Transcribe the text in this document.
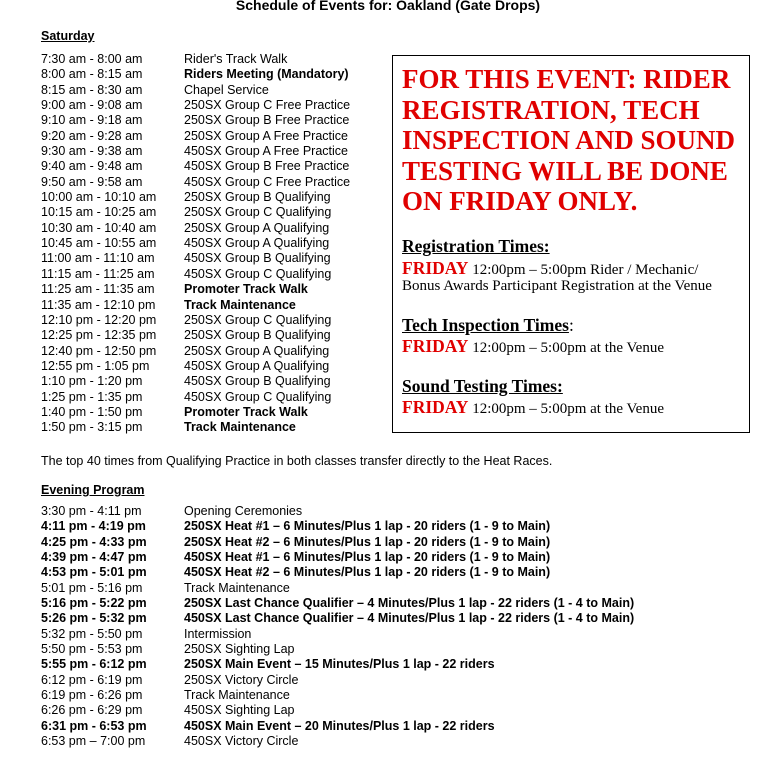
Schedule of Events for: Oakland (Gate Drops)
Saturday
7:30 am - 8:00 am	Rider's Track Walk
8:00 am - 8:15 am	Riders Meeting (Mandatory)
8:15 am - 8:30 am	Chapel Service
9:00 am - 9:08 am	250SX Group C Free Practice
9:10 am - 9:18 am	250SX Group B Free Practice
9:20 am - 9:28 am	250SX Group A Free Practice
9:30 am - 9:38 am	450SX Group A Free Practice
9:40 am - 9:48 am	450SX Group B Free Practice
9:50 am - 9:58 am	450SX Group C Free Practice
10:00 am - 10:10 am 250SX Group B Qualifying
10:15 am - 10:25 am 250SX Group C Qualifying
10:30 am - 10:40 am 250SX Group A Qualifying
10:45 am - 10:55 am 450SX Group A Qualifying
11:00 am - 11:10 am 450SX Group B Qualifying
11:15 am - 11:25 am 450SX Group C Qualifying
11:25 am - 11:35 am Promoter Track Walk
11:35 am - 12:10 pm Track Maintenance
12:10 pm - 12:20 pm 250SX Group C Qualifying
12:25 pm - 12:35 pm 250SX Group B Qualifying
12:40 pm - 12:50 pm 250SX Group A Qualifying
12:55 pm - 1:05 pm	450SX Group A Qualifying
1:10 pm - 1:20 pm	450SX Group B Qualifying
1:25 pm - 1:35 pm	450SX Group C Qualifying
1:40 pm - 1:50 pm	Promoter Track Walk
1:50 pm - 3:15 pm	Track Maintenance
The top 40 times from Qualifying Practice in both classes transfer directly to the Heat Races.
Evening Program
3:30 pm - 4:11 pm	Opening Ceremonies
4:11 pm - 4:19 pm	250SX Heat #1 – 6 Minutes/Plus 1 lap - 20 riders (1 - 9 to Main)
4:25 pm - 4:33 pm	250SX Heat #2 – 6 Minutes/Plus 1 lap - 20 riders (1 - 9 to Main)
4:39 pm - 4:47 pm	450SX Heat #1 – 6 Minutes/Plus 1 lap - 20 riders (1 - 9 to Main)
4:53 pm - 5:01 pm	450SX Heat #2 – 6 Minutes/Plus 1 lap - 20 riders (1 - 9 to Main)
5:01 pm - 5:16 pm	Track Maintenance
5:16 pm - 5:22 pm	250SX Last Chance Qualifier – 4 Minutes/Plus 1 lap - 22 riders (1 - 4 to Main)
5:26 pm - 5:32 pm	450SX Last Chance Qualifier – 4 Minutes/Plus 1 lap - 22 riders (1 - 4 to Main)
5:32 pm - 5:50 pm	Intermission
5:50 pm - 5:53 pm	250SX Sighting Lap
5:55 pm - 6:12 pm	250SX Main Event – 15 Minutes/Plus 1 lap - 22 riders
6:12 pm - 6:19 pm	250SX Victory Circle
6:19 pm - 6:26 pm	Track Maintenance
6:26 pm - 6:29 pm	450SX Sighting Lap
6:31 pm - 6:53 pm	450SX Main Event – 20 Minutes/Plus 1 lap - 22 riders
6:53 pm – 7:00 pm	450SX Victory Circle
FOR THIS EVENT: RIDER REGISTRATION, TECH INSPECTION AND SOUND TESTING WILL BE DONE ON FRIDAY ONLY.
Registration Times:
FRIDAY 12:00pm – 5:00pm Rider / Mechanic/
Bonus Awards Participant Registration at the Venue
Tech Inspection Times:
FRIDAY 12:00pm – 5:00pm at the Venue
Sound Testing Times:
FRIDAY 12:00pm – 5:00pm at the Venue
